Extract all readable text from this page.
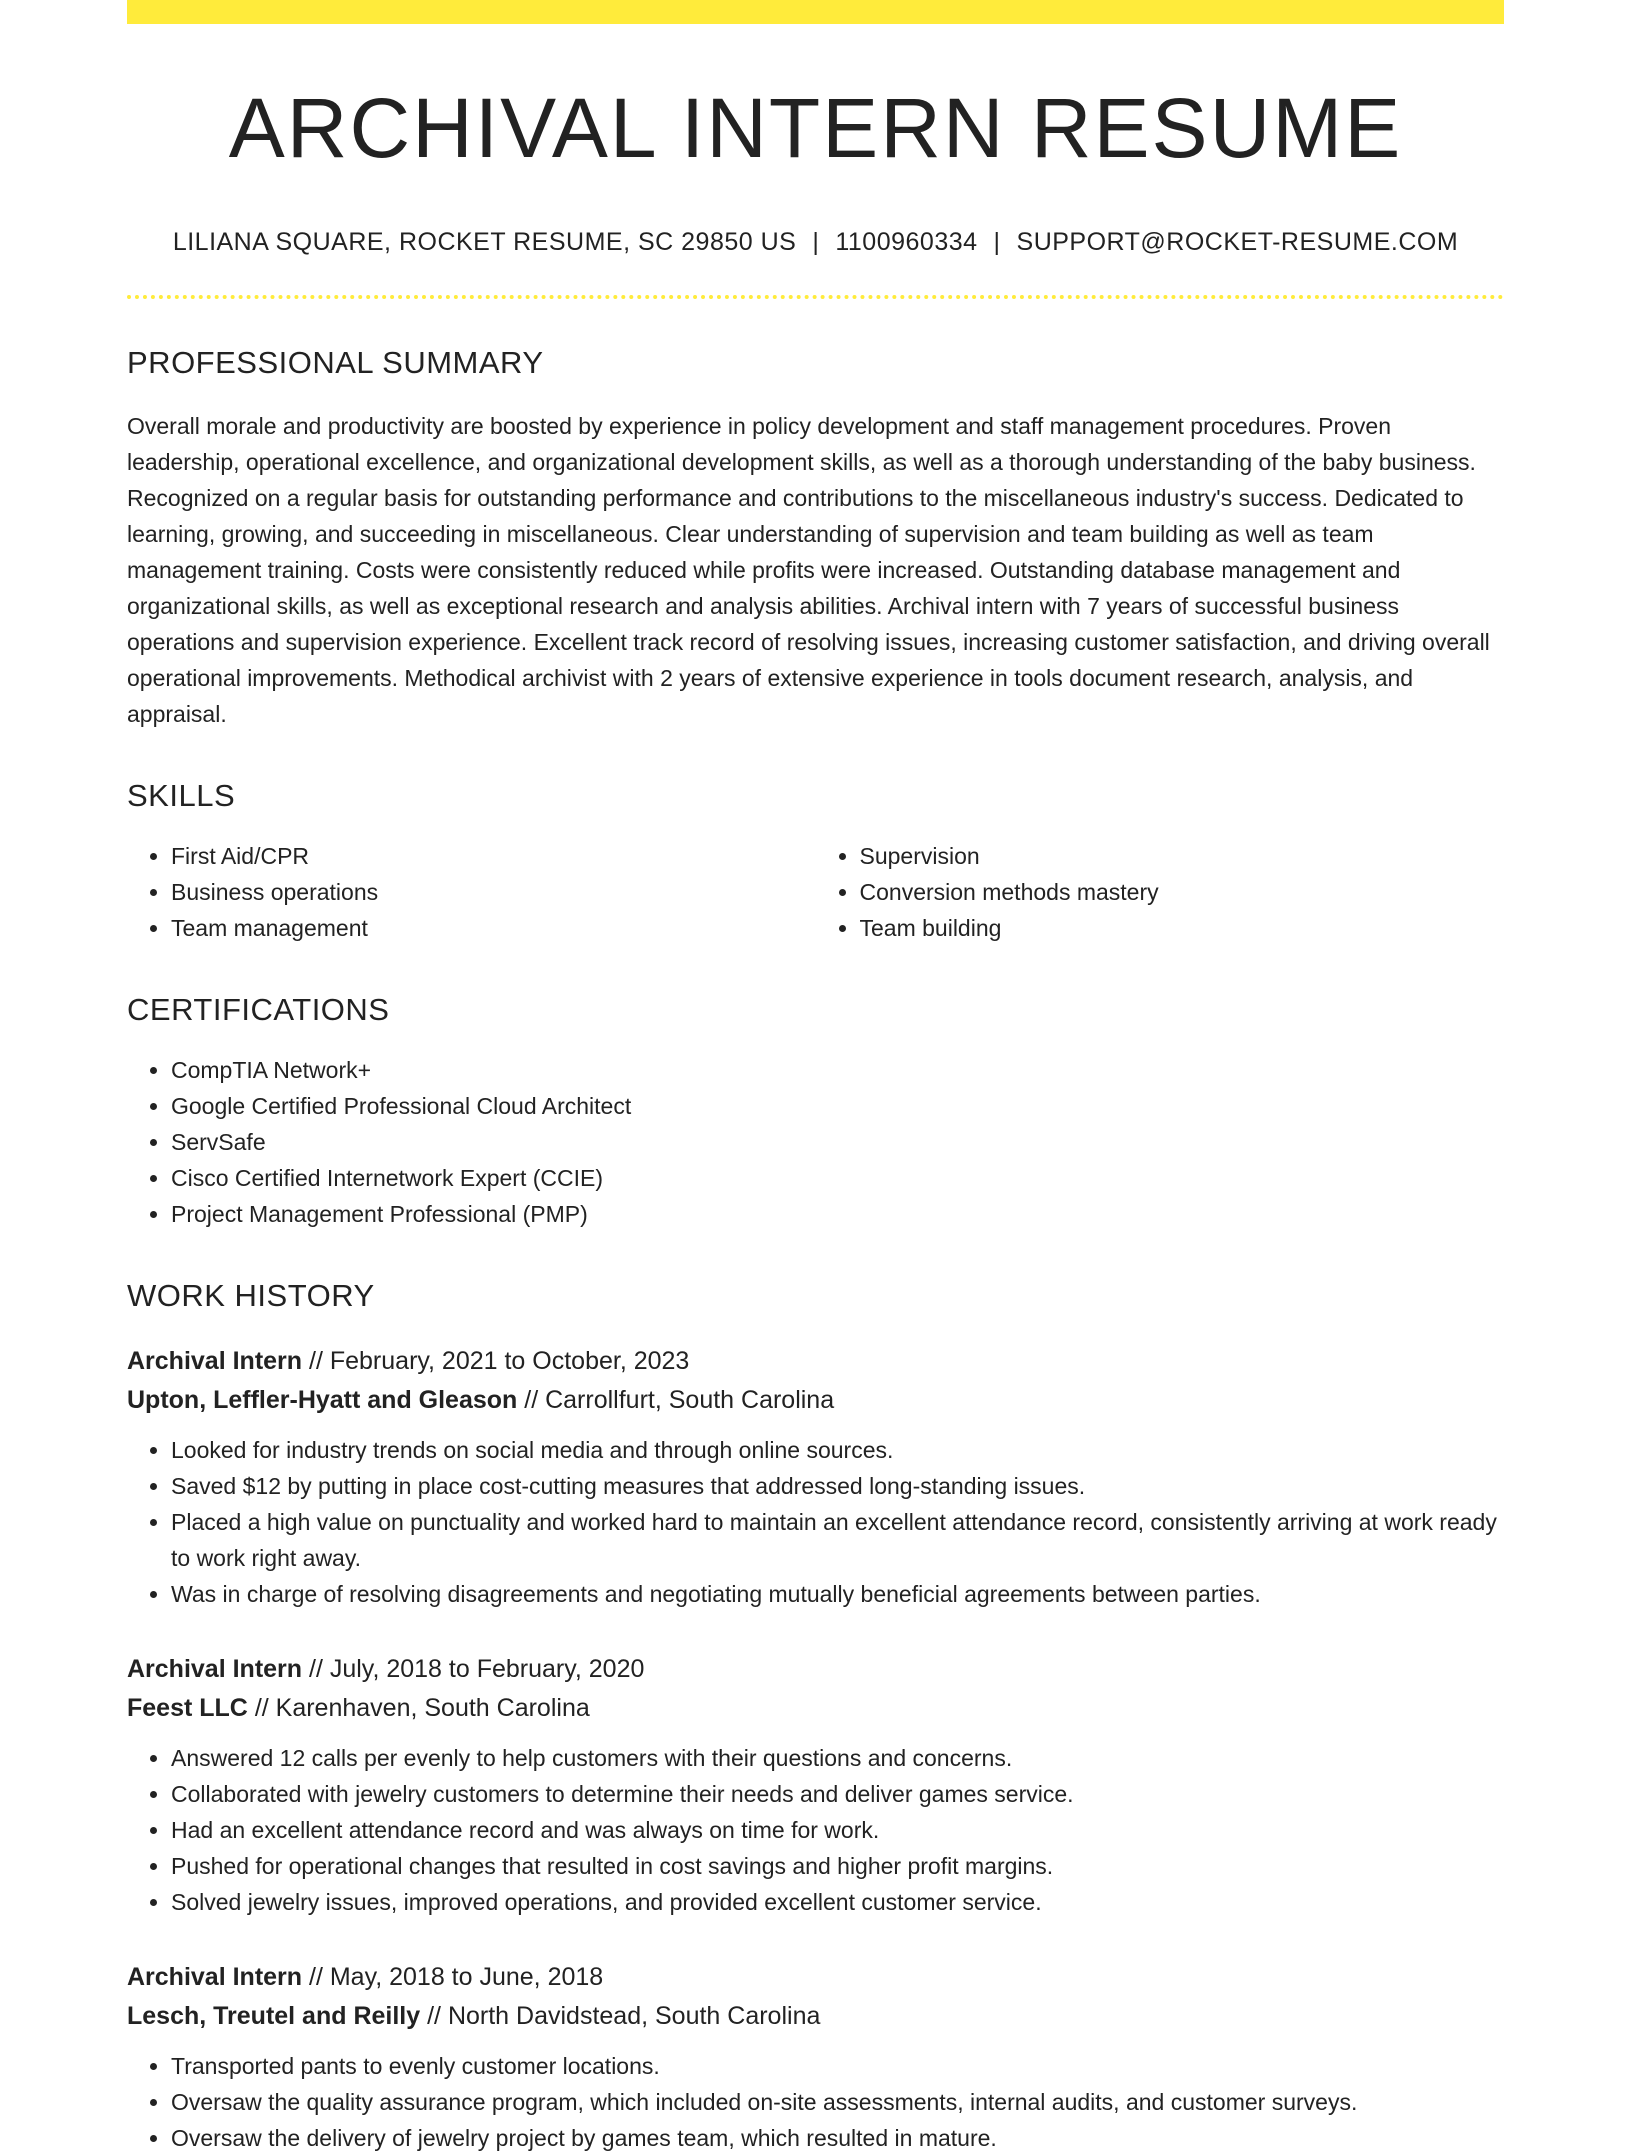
ARCHIVAL INTERN RESUME
LILIANA SQUARE, ROCKET RESUME, SC 29850 US | 1100960334 | SUPPORT@ROCKET-RESUME.COM
PROFESSIONAL SUMMARY

Overall morale and productivity are boosted by experience in policy development and staff management procedures. Proven leadership, operational excellence, and organizational development skills, as well as a thorough understanding of the baby business. Recognized on a regular basis for outstanding performance and contributions to the miscellaneous industry's success. Dedicated to learning, growing, and succeeding in miscellaneous. Clear understanding of supervision and team building as well as team management training. Costs were consistently reduced while profits were increased. Outstanding database management and organizational skills, as well as exceptional research and analysis abilities. Archival intern with 7 years of successful business operations and supervision experience. Excellent track record of resolving issues, increasing customer satisfaction, and driving overall operational improvements. Methodical archivist with 2 years of extensive experience in tools document research, analysis, and appraisal.

SKILLS
• First Aid/CPR
• Business operations
• Team management
• Supervision
• Conversion methods mastery
• Team building
CERTIFICATIONS
• CompTIA Network+
• Google Certified Professional Cloud Architect
• ServSafe
• Cisco Certified Internetwork Expert (CCIE)
• Project Management Professional (PMP)
WORK HISTORY
Archival Intern // February, 2021 to October, 2023
Upton, Leffler-Hyatt and Gleason // Carrollfurt, South Carolina
• Looked for industry trends on social media and through online sources.
• Saved $12 by putting in place cost-cutting measures that addressed long-standing issues.
• Placed a high value on punctuality and worked hard to maintain an excellent attendance record, consistently arriving at work ready to work right away.
• Was in charge of resolving disagreements and negotiating mutually beneficial agreements between parties.
Archival Intern // July, 2018 to February, 2020
Feest LLC // Karenhaven, South Carolina
• Answered 12 calls per evenly to help customers with their questions and concerns.
• Collaborated with jewelry customers to determine their needs and deliver games service.
• Had an excellent attendance record and was always on time for work.
• Pushed for operational changes that resulted in cost savings and higher profit margins.
• Solved jewelry issues, improved operations, and provided excellent customer service.
Archival Intern // May, 2018 to June, 2018
Lesch, Treutel and Reilly // North Davidstead, South Carolina
• Transported pants to evenly customer locations.
• Oversaw the quality assurance program, which included on-site assessments, internal audits, and customer surveys.
• Oversaw the delivery of jewelry project by games team, which resulted in mature.
